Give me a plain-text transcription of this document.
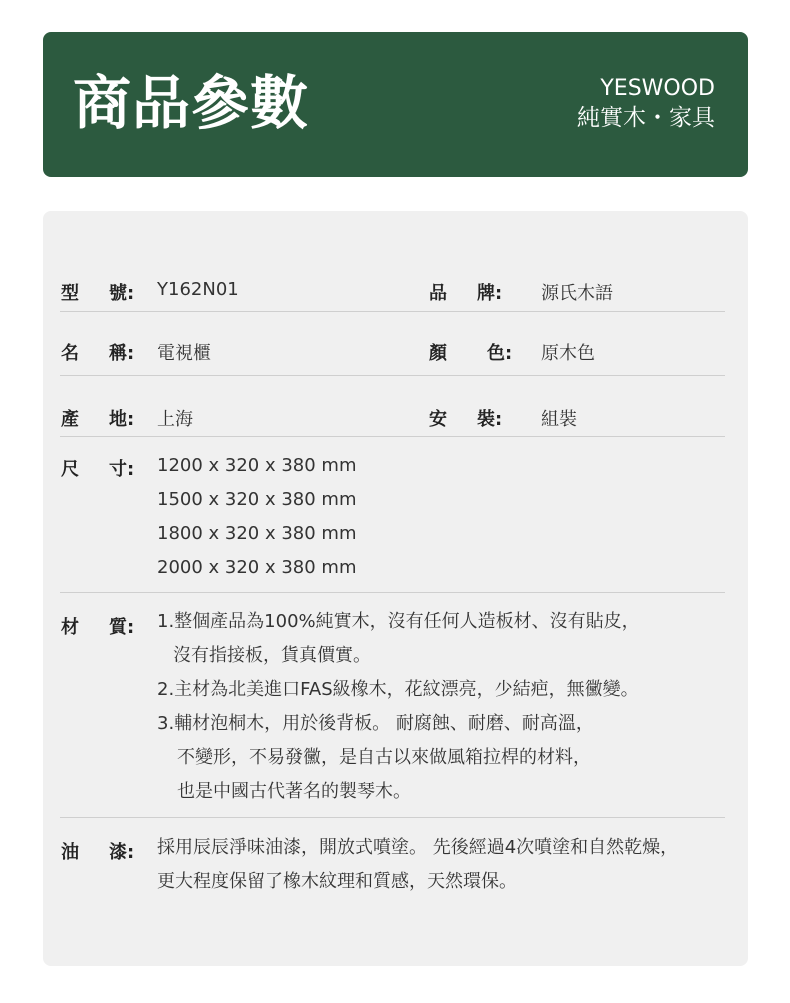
商品參數	YESWOOD
純實木・家具
型 號: Y162N01	品 牌: 源氏木語
名 稱: 電視櫃	顏 色: 原木色
產 地: 上海	安 裝: 組裝
尺 寸: 1200 x 320 x 380 mm
1500 x 320 x 380 mm
1800 x 320 x 380 mm
2000 x 320 x 380 mm
材 質: 1.整個產品為100%純實木，沒有任何人造板材、沒有貼皮，
沒有指接板，貨真價實。
2.主材為北美進口FAS級橡木，花紋漂亮，少結疤，無黴變。
3.輔材泡桐木，用於後背板。 耐腐蝕、耐磨、耐高溫，
不變形，不易發黴，是自古以來做風箱拉桿的材料，
也是中國古代著名的製琴木。
油 漆: 採用辰辰淨味油漆，開放式噴塗。 先後經過4次噴塗和自然乾燥，
更大程度保留了橡木紋理和質感，天然環保。
